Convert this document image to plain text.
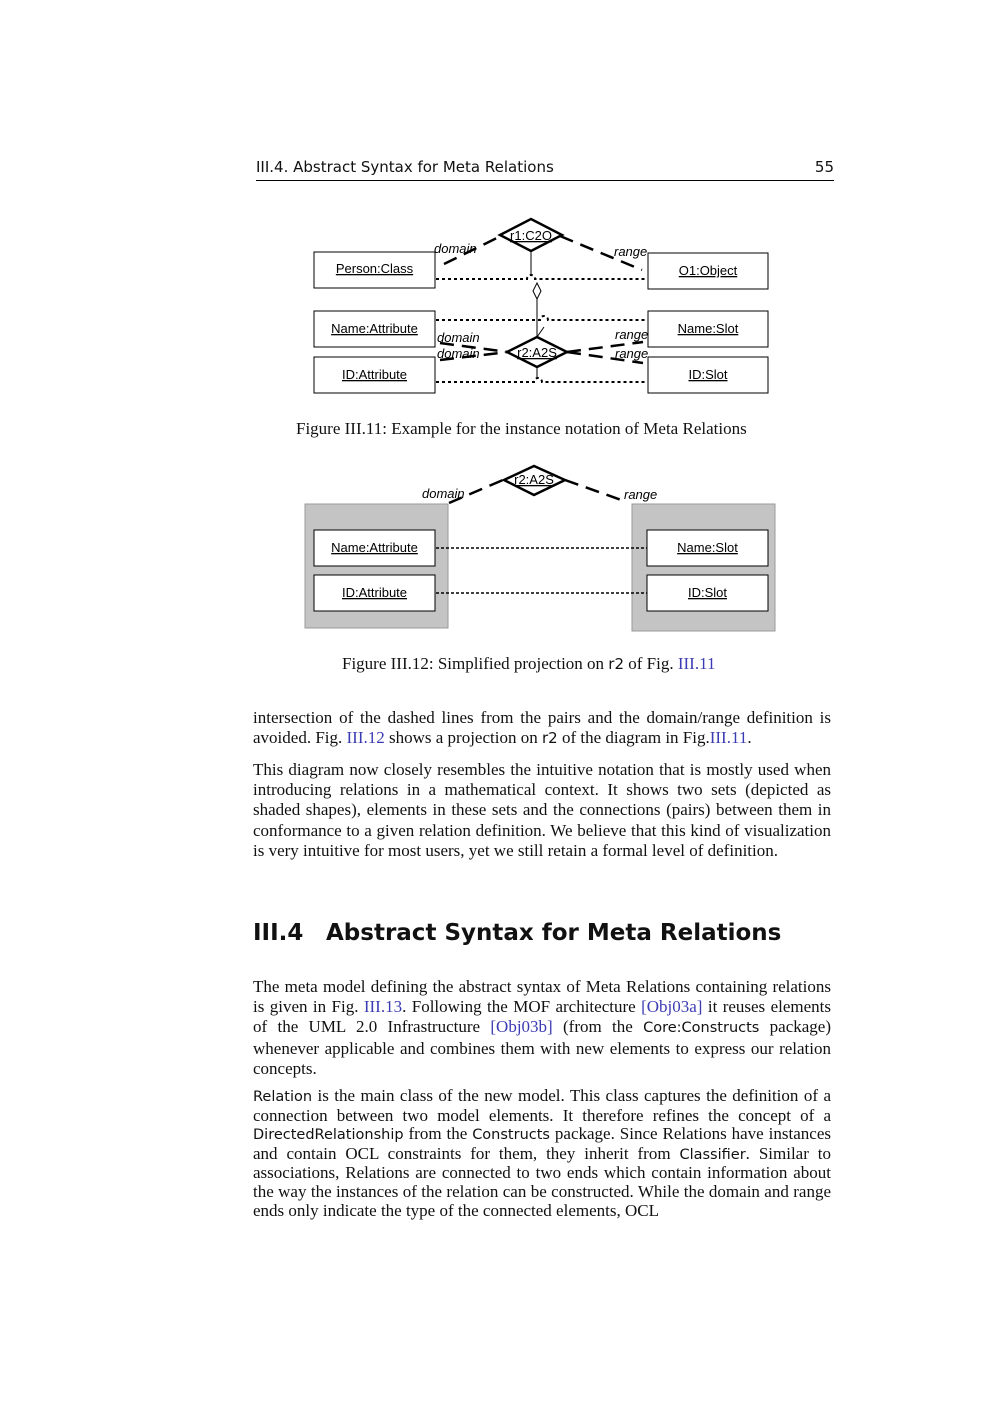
III.4. Abstract Syntax for Meta Relations	55
Person:Class	O1:Object
Name:Attribute	Name:Slot
ID:Attribute	ID:Slot
r1:C2O
r2:A2S
domain	range
domain
domain
range
range
Figure III.11: Example for the instance notation of Meta Relations
Name:Attribute	Name:Slot
ID:Attribute	ID:Slot
r2:A2S
domain	range
Figure III.12: Simplified projection on r2 of Fig. III.11

intersection of the dashed lines from the pairs and the domain/range definition is avoided. Fig. III.12 shows a projection on r2 of the diagram in Fig.III.11.

This diagram now closely resembles the intuitive notation that is mostly used when introducing relations in a mathematical context. It shows two sets (depicted as shaded shapes), elements in these sets and the connections (pairs) between them in conformance to a given relation definition. We believe that this kind of visualization is very intuitive for most users, yet we still retain a formal level of definition.

III.4 Abstract Syntax for Meta Relations

The meta model defining the abstract syntax of Meta Relations containing relations is given in Fig. III.13. Following the MOF architecture [Obj03a] it reuses elements of the UML 2.0 Infrastructure [Obj03b] (from the Core:Constructs package) whenever applicable and combines them with new elements to express our relation concepts.

Relation is the main class of the new model. This class captures the definition of a connection between two model elements. It therefore refines the concept of a DirectedRelationship from the Constructs package. Since Relations have instances and contain OCL constraints for them, they inherit from Classifier. Similar to associations, Relations are connected to two ends which contain information about the way the instances of the relation can be constructed. While the domain and range ends only indicate the type of the connected elements, OCL
